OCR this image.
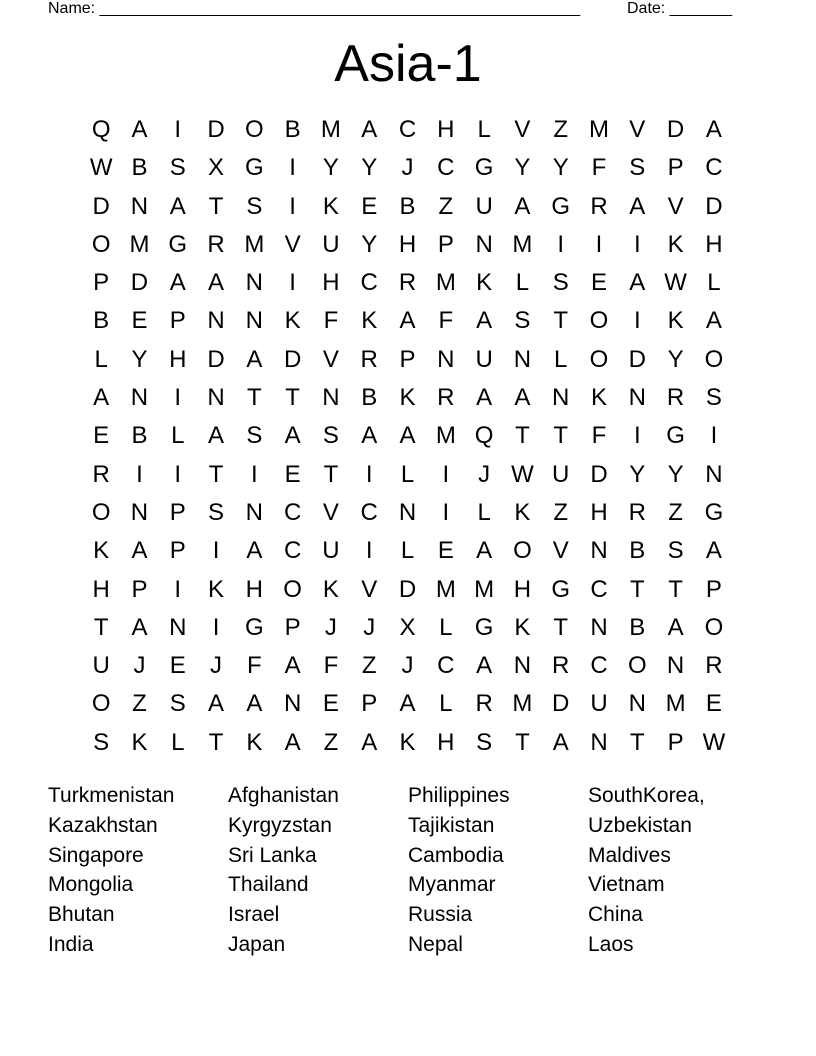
Name: ______________________________________________________	Date: _______
Asia-1
Q A	I	D O B M A C H L V Z M V D A
W B S X G	I	Y Y	J C G Y Y F S P C
D N A T S	I	K E B Z U A G R A V D
O M G R M V U Y H P N M	I	I	I	K H
P D A A N	I	H C R M K L S E A W L
B E P N N K F K A F A S T O	I	K A
L Y H D A D V R P N U N L O D Y O
A N	I	N T T N B K R A A N K N R S
E B L A S A S A A M Q T T F	I	G	I
R	I	I	T	I	E T	I	L	I	J W U D Y Y N
O N P S N C V C N	I	L K Z H R Z G
K A P	I	A C U	I	L E A O V N B S A
H P	I	K H O K V D M M H G C T T P
T A N	I	G P	J	J	X L G K T N B A O
U J	E	J	F A F Z	J C A N R C O N R
O Z S A A N E P A L R M D U N M E
S K L	T K A Z A K H S T A N T P W
Turkmenistan	Afghanistan	Philippines	SouthKorea,
Kazakhstan	Kyrgyzstan	Tajikistan	Uzbekistan
Singapore	Sri Lanka	Cambodia	Maldives
Mongolia	Thailand	Myanmar	Vietnam
Bhutan	Israel	Russia	China
India	Japan	Nepal	Laos
